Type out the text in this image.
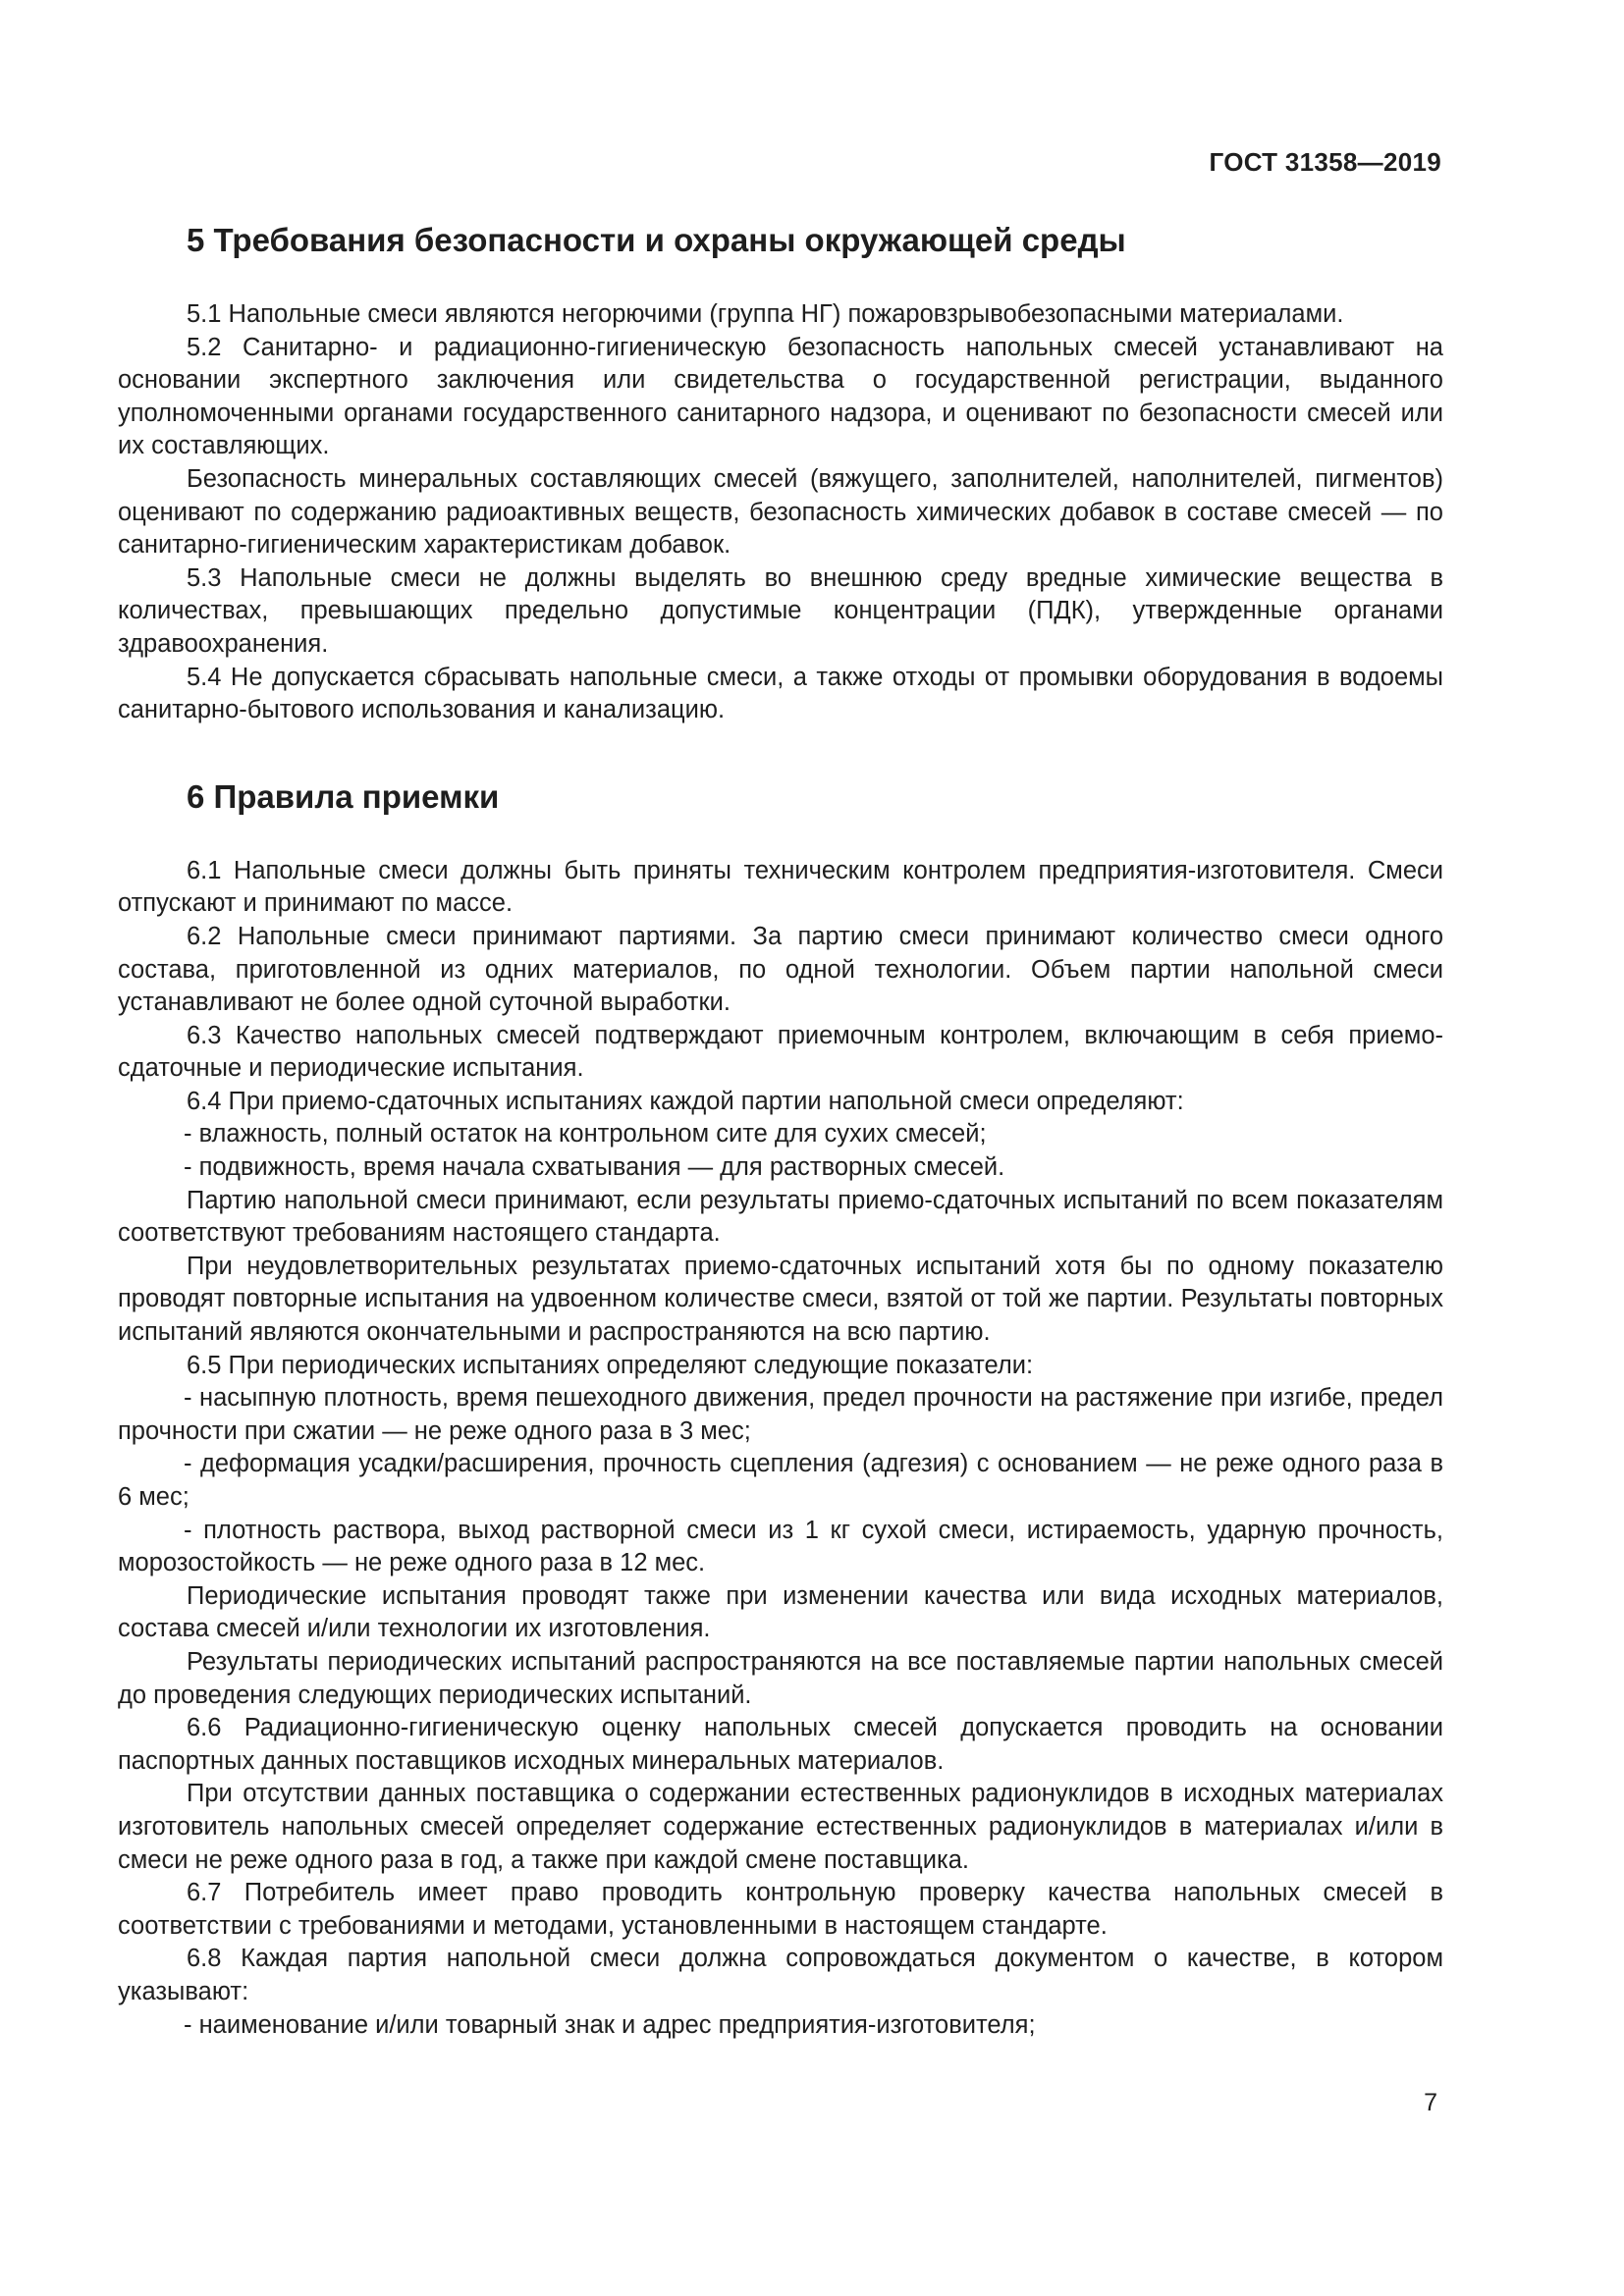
ГОСТ 31358—2019
5 Требования безопасности и охраны окружающей среды

5.1 Напольные смеси являются негорючими (группа НГ) пожаровзрывобезопасными материалами.

5.2 Санитарно- и радиационно-гигиеническую безопасность напольных смесей устанавливают на основании экспертного заключения или свидетельства о государственной регистрации, выданного уполномоченными органами государственного санитарного надзора, и оценивают по безопасности смесей или их составляющих.

Безопасность минеральных составляющих смесей (вяжущего, заполнителей, наполнителей, пигментов) оценивают по содержанию радиоактивных веществ, безопасность химических добавок в составе смесей — по санитарно-гигиеническим характеристикам добавок.

5.3 Напольные смеси не должны выделять во внешнюю среду вредные химические вещества в количествах, превышающих предельно допустимые концентрации (ПДК), утвержденные органами здравоохранения.

5.4 Не допускается сбрасывать напольные смеси, а также отходы от промывки оборудования в водоемы санитарно-бытового использования и канализацию.

6 Правила приемки

6.1 Напольные смеси должны быть приняты техническим контролем предприятия-изготовителя. Смеси отпускают и принимают по массе.

6.2 Напольные смеси принимают партиями. За партию смеси принимают количество смеси одного состава, приготовленной из одних материалов, по одной технологии. Объем партии напольной смеси устанавливают не более одной суточной выработки.

6.3 Качество напольных смесей подтверждают приемочным контролем, включающим в себя приемо-сдаточные и периодические испытания.

6.4 При приемо-сдаточных испытаниях каждой партии напольной смеси определяют:

- влажность, полный остаток на контрольном сите для сухих смесей;

- подвижность, время начала схватывания — для растворных смесей.

Партию напольной смеси принимают, если результаты приемо-сдаточных испытаний по всем показателям соответствуют требованиям настоящего стандарта.

При неудовлетворительных результатах приемо-сдаточных испытаний хотя бы по одному показателю проводят повторные испытания на удвоенном количестве смеси, взятой от той же партии. Результаты повторных испытаний являются окончательными и распространяются на всю партию.

6.5 При периодических испытаниях определяют следующие показатели:

- насыпную плотность, время пешеходного движения, предел прочности на растяжение при изгибе, предел прочности при сжатии — не реже одного раза в 3 мес;

- деформация усадки/расширения, прочность сцепления (адгезия) с основанием — не реже одного раза в 6 мес;

- плотность раствора, выход растворной смеси из 1 кг сухой смеси, истираемость, ударную прочность, морозостойкость — не реже одного раза в 12 мес.

Периодические испытания проводят также при изменении качества или вида исходных материалов, состава смесей и/или технологии их изготовления.

Результаты периодических испытаний распространяются на все поставляемые партии напольных смесей до проведения следующих периодических испытаний.

6.6 Радиационно-гигиеническую оценку напольных смесей допускается проводить на основании паспортных данных поставщиков исходных минеральных материалов.

При отсутствии данных поставщика о содержании естественных радионуклидов в исходных материалах изготовитель напольных смесей определяет содержание естественных радионуклидов в материалах и/или в смеси не реже одного раза в год, а также при каждой смене поставщика.

6.7 Потребитель имеет право проводить контрольную проверку качества напольных смесей в соответствии с требованиями и методами, установленными в настоящем стандарте.

6.8 Каждая партия напольной смеси должна сопровождаться документом о качестве, в котором указывают:

- наименование и/или товарный знак и адрес предприятия-изготовителя;

7
